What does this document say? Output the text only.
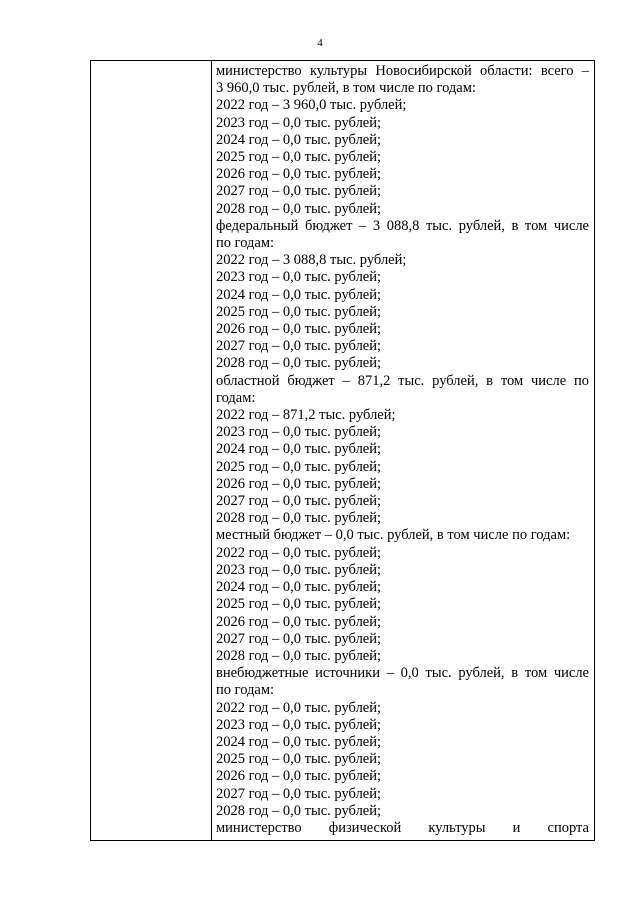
4
министерство культуры Новосибирской области: всего –
3 960,0 тыс. рублей, в том числе по годам:
2022 год – 3 960,0 тыс. рублей;
2023 год – 0,0 тыс. рублей;
2024 год – 0,0 тыс. рублей;
2025 год – 0,0 тыс. рублей;
2026 год – 0,0 тыс. рублей;
2027 год – 0,0 тыс. рублей;
2028 год – 0,0 тыс. рублей;
федеральный бюджет – 3 088,8 тыс. рублей, в том числе
по годам:
2022 год – 3 088,8 тыс. рублей;
2023 год – 0,0 тыс. рублей;
2024 год – 0,0 тыс. рублей;
2025 год – 0,0 тыс. рублей;
2026 год – 0,0 тыс. рублей;
2027 год – 0,0 тыс. рублей;
2028 год – 0,0 тыс. рублей;
областной бюджет – 871,2 тыс. рублей, в том числе по
годам:
2022 год – 871,2 тыс. рублей;
2023 год – 0,0 тыс. рублей;
2024 год – 0,0 тыс. рублей;
2025 год – 0,0 тыс. рублей;
2026 год – 0,0 тыс. рублей;
2027 год – 0,0 тыс. рублей;
2028 год – 0,0 тыс. рублей;
местный бюджет – 0,0 тыс. рублей, в том числе по годам:
2022 год – 0,0 тыс. рублей;
2023 год – 0,0 тыс. рублей;
2024 год – 0,0 тыс. рублей;
2025 год – 0,0 тыс. рублей;
2026 год – 0,0 тыс. рублей;
2027 год – 0,0 тыс. рублей;
2028 год – 0,0 тыс. рублей;
внебюджетные источники – 0,0 тыс. рублей, в том числе
по годам:
2022 год – 0,0 тыс. рублей;
2023 год – 0,0 тыс. рублей;
2024 год – 0,0 тыс. рублей;
2025 год – 0,0 тыс. рублей;
2026 год – 0,0 тыс. рублей;
2027 год – 0,0 тыс. рублей;
2028 год – 0,0 тыс. рублей;
министерство физической культуры и спорта
